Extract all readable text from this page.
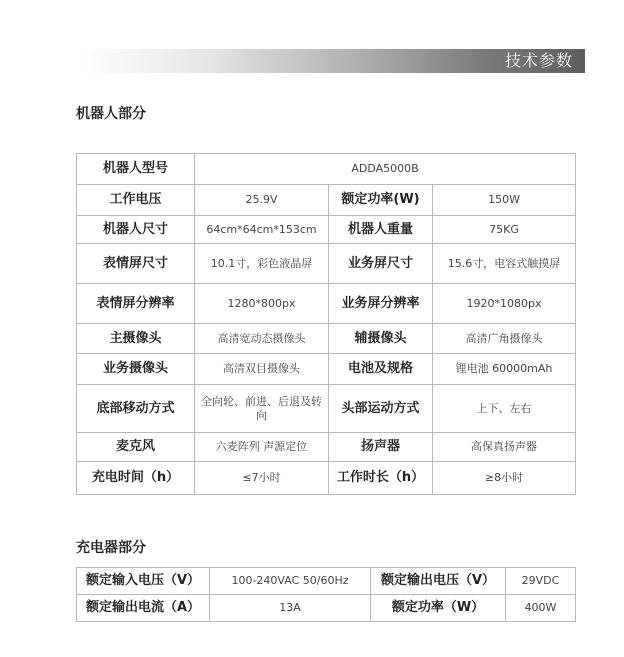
技术参数
机器人部分
机器人型号	ADDA5000B		
工作电压	25.9V	额定功率(W)	150W
机器人尺寸	64cm*64cm*153cm	机器人重量	75KG
表情屏尺寸	10.1寸，彩色液晶屏	业务屏尺寸	15.6寸，电容式触摸屏
表情屏分辨率	1280*800px	业务屏分辨率	1920*1080px
主摄像头	高清宽动态摄像头	辅摄像头	高清广角摄像头
业务摄像头	高清双目摄像头	电池及规格	锂电池 60000mAh
底部移动方式	全向轮、前进、后退及转向	头部运动方式	上下、左右
麦克风	六麦阵列 声源定位	扬声器	高保真扬声器
充电时间（h）	≤7小时	工作时长（h）	≥8小时
充电器部分
额定输入电压（V）	100-240VAC 50/60Hz	额定输出电压（V）	29VDC
额定输出电流（A）	13A	额定功率（W）	400W
